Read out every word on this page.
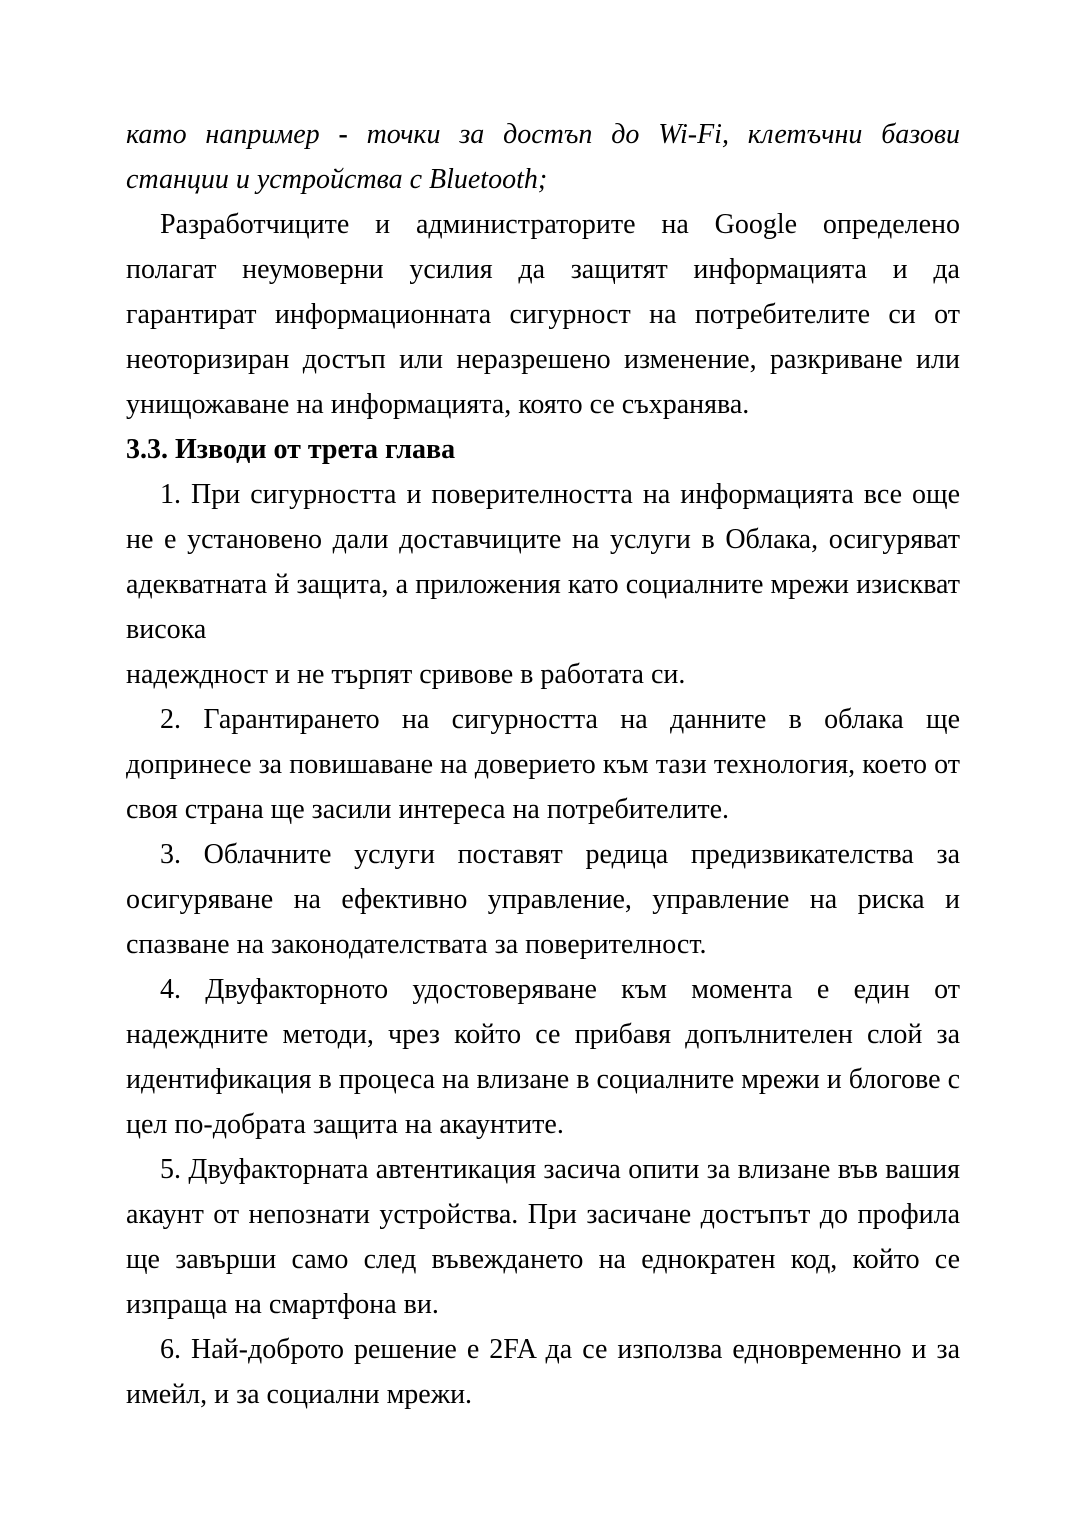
като например - точки за достъп до Wi-Fi, клетъчни базови станции и устройства с Bluetooth;

Разработчиците и администраторите на Google определено полагат неумоверни усилия да защитят информацията и да гарантират информационната сигурност на потребителите си от неоторизиран достъп или неразрешено изменение, разкриване или унищожаване на информацията, която се съхранява.

3.3. Изводи от трета глава

1. При сигурността и поверителността на информацията все още не е установено дали доставчиците на услуги в Облака, осигуряват адекватната й защита, а приложения като социалните мрежи изискват висока

надеждност и не търпят сривове в работата си.

2. Гарантирането на сигурността на данните в облака ще допринесе за повишаване на доверието към тази технология, което от своя страна ще засили интереса на потребителите.

3. Облачните услуги поставят редица предизвикателства за осигуряване на ефективно управление, управление на риска и спазване на законодателствата за поверителност.

4. Двуфакторното удостоверяване към момента е един от надеждните методи, чрез който се прибавя допълнителен слой за идентификация в процеса на влизане в социалните мрежи и блогове с цел по-добрата защита на акаунтите.

5. Двуфакторната автентикация засича опити за влизане във вашия акаунт от непознати устройства. При засичане достъпът до профила ще завърши само след въвеждането на еднократен код, който се изпраща на смартфона ви.

6. Най-доброто решение е 2FA да се използва едновременно и за имейл, и за социални мрежи.
